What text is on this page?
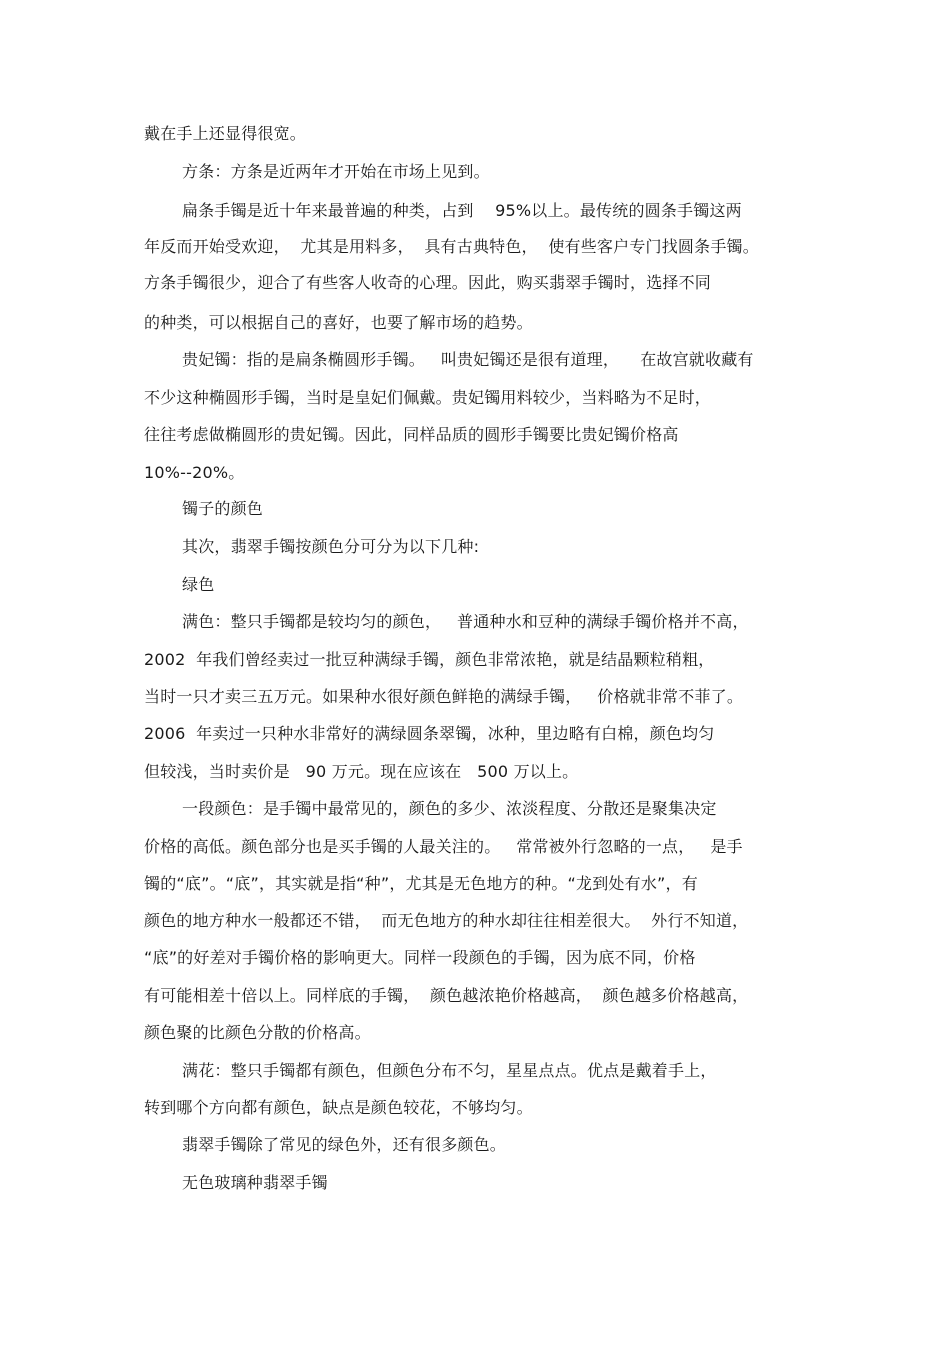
戴在手上还显得很宽。
方条：方条是近两年才开始在市场上见到。
扁条手镯是近十年来最普遍的种类，占到　 95%以上。最传统的圆条手镯这两
年反而开始受欢迎，  尤其是用料多，  具有古典特色，  使有些客户专门找圆条手镯。
方条手镯很少，迎合了有些客人收奇的心理。因此，购买翡翠手镯时，选择不同
的种类，可以根据自己的喜好，也要了解市场的趋势。
贵妃镯：指的是扁条椭圆形手镯。   叫贵妃镯还是很有道理，    在故宫就收藏有
不少这种椭圆形手镯，当时是皇妃们佩戴。贵妃镯用料较少，当料略为不足时，
往往考虑做椭圆形的贵妃镯。因此，同样品质的圆形手镯要比贵妃镯价格高
10%--20%。
镯子的颜色
其次，翡翠手镯按颜色分可分为以下几种:
绿色
满色：整只手镯都是较均匀的颜色，   普通种水和豆种的满绿手镯价格并不高，
2002  年我们曾经卖过一批豆种满绿手镯，颜色非常浓艳，就是结晶颗粒稍粗，
当时一只才卖三五万元。如果种水很好颜色鲜艳的满绿手镯，   价格就非常不菲了。
2006  年卖过一只种水非常好的满绿圆条翠镯，冰种，里边略有白棉，颜色均匀
但较浅，当时卖价是   90 万元。现在应该在   500 万以上。
一段颜色：是手镯中最常见的，颜色的多少、浓淡程度、分散还是聚集决定
价格的高低。颜色部分也是买手镯的人最关注的。   常常被外行忽略的一点，   是手
镯的“底”。“底”，其实就是指“种”，尤其是无色地方的种。“龙到处有水”，有
颜色的地方种水一般都还不错，  而无色地方的种水却往往相差很大。  外行不知道，
“底”的好差对手镯价格的影响更大。同样一段颜色的手镯，因为底不同，价格
有可能相差十倍以上。同样底的手镯，  颜色越浓艳价格越高，  颜色越多价格越高，
颜色聚的比颜色分散的价格高。
满花：整只手镯都有颜色，但颜色分布不匀，星星点点。优点是戴着手上，
转到哪个方向都有颜色，缺点是颜色较花，不够均匀。
翡翠手镯除了常见的绿色外，还有很多颜色。
无色玻璃种翡翠手镯
